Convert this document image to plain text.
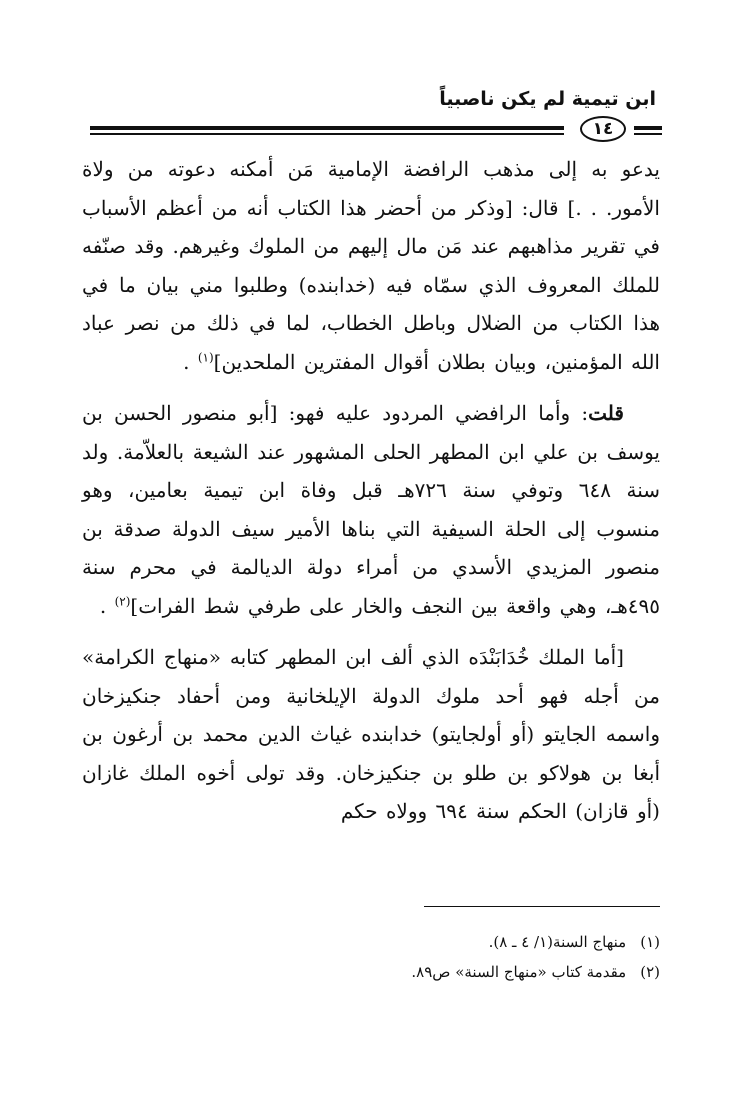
ابن تيمية لم يكن ناصبياً
١٤

يدعو به إلى مذهب الرافضة الإمامية مَن أمكنه دعوته من ولاة الأمور. . .] قال: [وذكر من أحضر هذا الكتاب أنه من أعظم الأسباب في تقرير مذاهبهم عند مَن مال إليهم من الملوك وغيرهم. وقد صنّفه للملك المعروف الذي سمّاه فيه (خدابنده) وطلبوا مني بيان ما في هذا الكتاب من الضلال وباطل الخطاب، لما في ذلك من نصر عباد الله المؤمنين، وبيان بطلان أقوال المفترين الملحدين]$^{(١)}$ .

قلت: وأما الرافضي المردود عليه فهو: [أبو منصور الحسن بن يوسف بن علي ابن المطهر الحلى المشهور عند الشيعة بالعلاّمة. ولد سنة ٦٤٨ وتوفي سنة ٧٢٦هـ قبل وفاة ابن تيمية بعامين، وهو منسوب إلى الحلة السيفية التي بناها الأمير سيف الدولة صدقة بن منصور المزيدي الأسدي من أمراء دولة الديالمة في محرم سنة ٤٩٥هـ، وهي واقعة بين النجف والخار على طرفي شط الفرات]$^{(٢)}$ .

[أما الملك خُدَابَنْدَه الذي ألف ابن المطهر كتابه «منهاج الكرامة» من أجله فهو أحد ملوك الدولة الإيلخانية ومن أحفاد جنكيزخان واسمه الجايتو (أو أولجايتو) خدابنده غياث الدين محمد بن أرغون بن أبغا بن هولاكو بن طلو بن جنكيزخان. وقد تولى أخوه الملك غازان (أو قازان) الحكم سنة ٦٩٤ وولاه حكم

(١)منهاج السنة(١/ ٤ ـ ٨).
(٢)مقدمة كتاب «منهاج السنة» ص٨٩.
